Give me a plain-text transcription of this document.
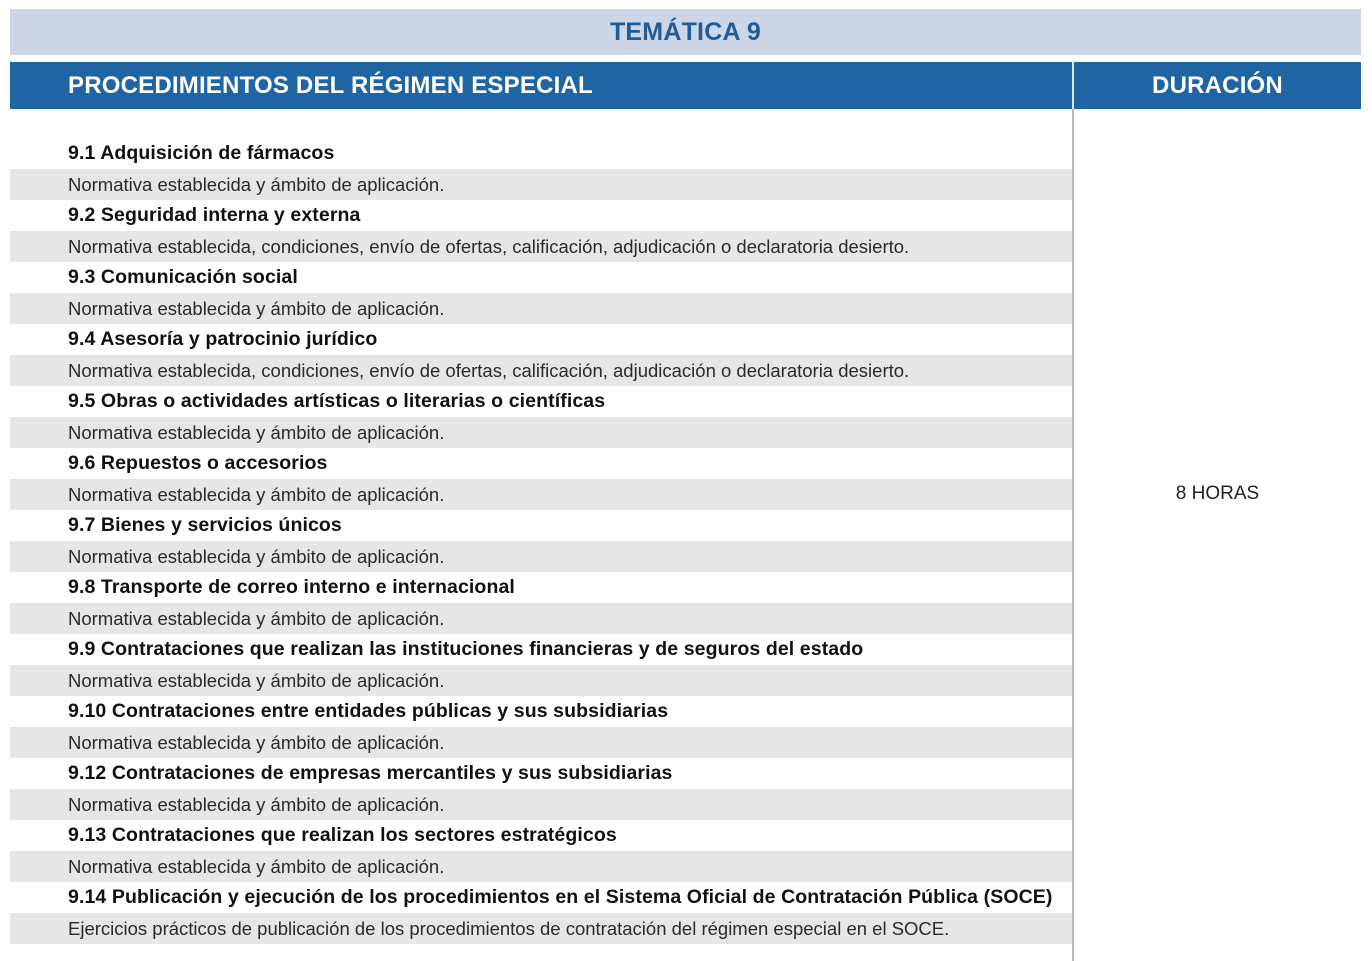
TEMÁTICA 9
PROCEDIMIENTOS DEL RÉGIMEN ESPECIAL	DURACIÓN
9.1 Adquisición de fármacos
Normativa establecida y ámbito de aplicación.
9.2 Seguridad interna y externa
Normativa establecida, condiciones, envío de ofertas, calificación, adjudicación o declaratoria desierto.
9.3 Comunicación social
Normativa establecida y ámbito de aplicación.
9.4 Asesoría y patrocinio jurídico
Normativa establecida, condiciones, envío de ofertas, calificación, adjudicación o declaratoria desierto.
9.5 Obras o actividades artísticas o literarias o científicas
Normativa establecida y ámbito de aplicación.
9.6 Repuestos o accesorios
Normativa establecida y ámbito de aplicación.
9.7 Bienes y servicios únicos
Normativa establecida y ámbito de aplicación.
9.8 Transporte de correo interno e internacional
Normativa establecida y ámbito de aplicación.
9.9 Contrataciones que realizan las instituciones financieras y de seguros del estado
Normativa establecida y ámbito de aplicación.
9.10 Contrataciones entre entidades públicas y sus subsidiarias
Normativa establecida y ámbito de aplicación.
9.12 Contrataciones de empresas mercantiles y sus subsidiarias
Normativa establecida y ámbito de aplicación.
9.13 Contrataciones que realizan los sectores estratégicos
Normativa establecida y ámbito de aplicación.
9.14 Publicación y ejecución de los procedimientos en el Sistema Oficial de Contratación Pública (SOCE)
Ejercicios prácticos de publicación de los procedimientos de contratación del régimen especial en el SOCE.
8 HORAS
